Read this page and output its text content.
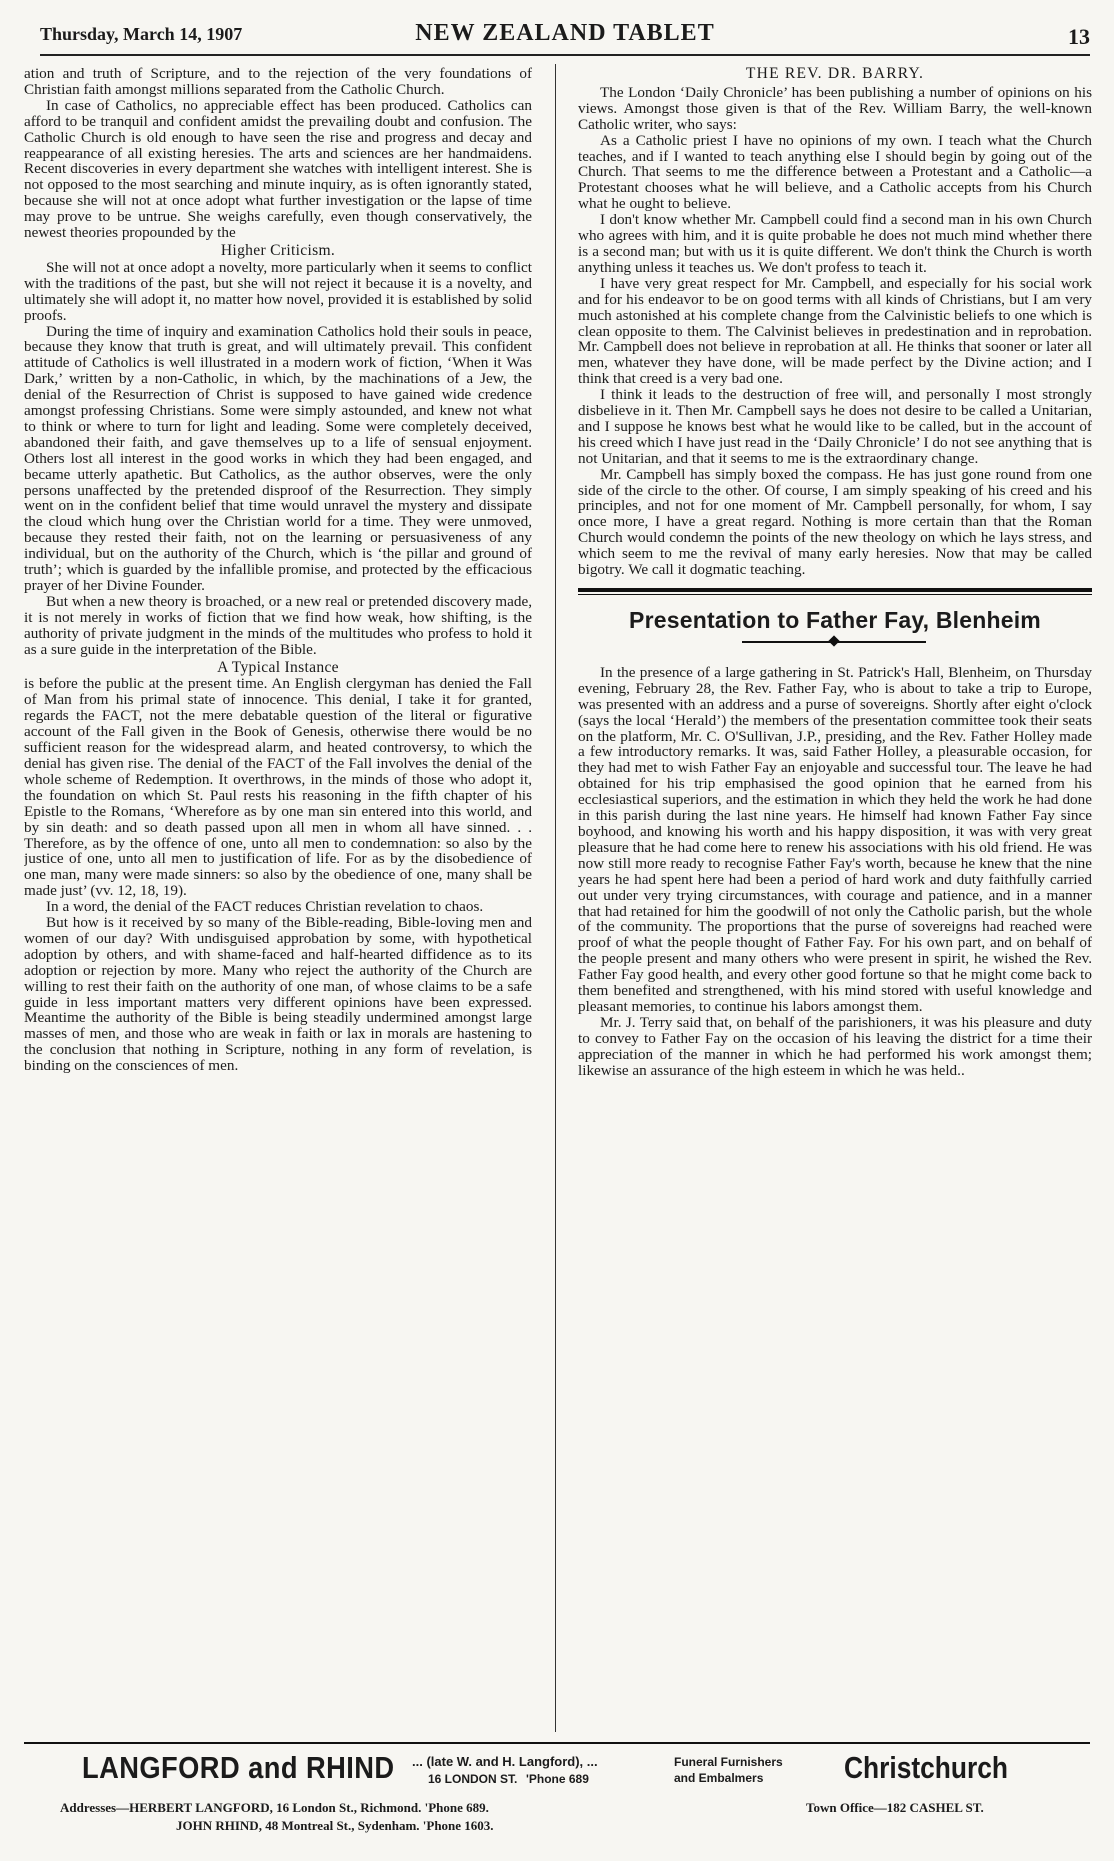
Thursday, March 14, 1907	NEW ZEALAND TABLET	13

ation and truth of Scripture, and to the rejection of the very foundations of Christian faith amongst millions separated from the Catholic Church.

In case of Catholics, no appreciable effect has been produced. Catholics can afford to be tranquil and confident amidst the prevailing doubt and confusion. The Catholic Church is old enough to have seen the rise and progress and decay and reappearance of all existing heresies. The arts and sciences are her handmaidens. Recent discoveries in every department she watches with intelligent interest. She is not opposed to the most searching and minute inquiry, as is often ignorantly stated, because she will not at once adopt what further investigation or the lapse of time may prove to be untrue. She weighs carefully, even though conservatively, the newest theories propounded by the

Higher Criticism.

She will not at once adopt a novelty, more particularly when it seems to conflict with the traditions of the past, but she will not reject it because it is a novelty, and ultimately she will adopt it, no matter how novel, provided it is established by solid proofs.

During the time of inquiry and examination Catholics hold their souls in peace, because they know that truth is great, and will ultimately prevail. This confident attitude of Catholics is well illustrated in a modern work of fiction, ‘When it Was Dark,’ written by a non-Catholic, in which, by the machinations of a Jew, the denial of the Resurrection of Christ is supposed to have gained wide credence amongst professing Christians. Some were simply astounded, and knew not what to think or where to turn for light and leading. Some were completely deceived, abandoned their faith, and gave themselves up to a life of sensual enjoyment. Others lost all interest in the good works in which they had been engaged, and became utterly apathetic. But Catholics, as the author observes, were the only persons unaffected by the pretended disproof of the Resurrection. They simply went on in the confident belief that time would unravel the mystery and dissipate the cloud which hung over the Christian world for a time. They were unmoved, because they rested their faith, not on the learning or persuasiveness of any individual, but on the authority of the Church, which is ‘the pillar and ground of truth’; which is guarded by the infallible promise, and protected by the efficacious prayer of her Divine Founder.

But when a new theory is broached, or a new real or pretended discovery made, it is not merely in works of fiction that we find how weak, how shifting, is the authority of private judgment in the minds of the multitudes who profess to hold it as a sure guide in the interpretation of the Bible.

A Typical Instance

is before the public at the present time. An English clergyman has denied the Fall of Man from his primal state of innocence. This denial, I take it for granted, regards the FACT, not the mere debatable question of the literal or figurative account of the Fall given in the Book of Genesis, otherwise there would be no sufficient reason for the widespread alarm, and heated controversy, to which the denial has given rise. The denial of the FACT of the Fall involves the denial of the whole scheme of Redemption. It overthrows, in the minds of those who adopt it, the foundation on which St. Paul rests his reasoning in the fifth chapter of his Epistle to the Romans, ‘Wherefore as by one man sin entered into this world, and by sin death: and so death passed upon all men in whom all have sinned. . . Therefore, as by the offence of one, unto all men to condemnation: so also by the justice of one, unto all men to justification of life. For as by the disobedience of one man, many were made sinners: so also by the obedience of one, many shall be made just’ (vv. 12, 18, 19).

In a word, the denial of the FACT reduces Christian revelation to chaos.

But how is it received by so many of the Bible-reading, Bible-loving men and women of our day? With undisguised approbation by some, with hypothetical adoption by others, and with shame-faced and half-hearted diffidence as to its adoption or rejection by more. Many who reject the authority of the Church are willing to rest their faith on the authority of one man, of whose claims to be a safe guide in less important matters very different opinions have been expressed. Meantime the authority of the Bible is being steadily undermined amongst large masses of men, and those who are weak in faith or lax in morals are hastening to the conclusion that nothing in Scripture, nothing in any form of revelation, is binding on the consciences of men.

THE REV. DR. BARRY.

The London ‘Daily Chronicle’ has been publishing a number of opinions on his views. Amongst those given is that of the Rev. William Barry, the well-known Catholic writer, who says:

As a Catholic priest I have no opinions of my own. I teach what the Church teaches, and if I wanted to teach anything else I should begin by going out of the Church. That seems to me the difference between a Protestant and a Catholic—a Protestant chooses what he will believe, and a Catholic accepts from his Church what he ought to believe.

I don't know whether Mr. Campbell could find a second man in his own Church who agrees with him, and it is quite probable he does not much mind whether there is a second man; but with us it is quite different. We don't think the Church is worth anything unless it teaches us. We don't profess to teach it.

I have very great respect for Mr. Campbell, and especially for his social work and for his endeavor to be on good terms with all kinds of Christians, but I am very much astonished at his complete change from the Calvinistic beliefs to one which is clean opposite to them. The Calvinist believes in predestination and in reprobation. Mr. Campbell does not believe in reprobation at all. He thinks that sooner or later all men, whatever they have done, will be made perfect by the Divine action; and I think that creed is a very bad one.

I think it leads to the destruction of free will, and personally I most strongly disbelieve in it. Then Mr. Campbell says he does not desire to be called a Unitarian, and I suppose he knows best what he would like to be called, but in the account of his creed which I have just read in the ‘Daily Chronicle’ I do not see anything that is not Unitarian, and that it seems to me is the extraordinary change.

Mr. Campbell has simply boxed the compass. He has just gone round from one side of the circle to the other. Of course, I am simply speaking of his creed and his principles, and not for one moment of Mr. Campbell personally, for whom, I say once more, I have a great regard. Nothing is more certain than that the Roman Church would condemn the points of the new theology on which he lays stress, and which seem to me the revival of many early heresies. Now that may be called bigotry. We call it dogmatic teaching.

Presentation to Father Fay, Blenheim

In the presence of a large gathering in St. Patrick's Hall, Blenheim, on Thursday evening, February 28, the Rev. Father Fay, who is about to take a trip to Europe, was presented with an address and a purse of sovereigns. Shortly after eight o'clock (says the local ‘Herald’) the members of the presentation committee took their seats on the platform, Mr. C. O'Sullivan, J.P., presiding, and the Rev. Father Holley made a few introductory remarks. It was, said Father Holley, a pleasurable occasion, for they had met to wish Father Fay an enjoyable and successful tour. The leave he had obtained for his trip emphasised the good opinion that he earned from his ecclesiastical superiors, and the estimation in which they held the work he had done in this parish during the last nine years. He himself had known Father Fay since boyhood, and knowing his worth and his happy disposition, it was with very great pleasure that he had come here to renew his associations with his old friend. He was now still more ready to recognise Father Fay's worth, because he knew that the nine years he had spent here had been a period of hard work and duty faithfully carried out under very trying circumstances, with courage and patience, and in a manner that had retained for him the goodwill of not only the Catholic parish, but the whole of the community. The proportions that the purse of sovereigns had reached were proof of what the people thought of Father Fay. For his own part, and on behalf of the people present and many others who were present in spirit, he wished the Rev. Father Fay good health, and every other good fortune so that he might come back to them benefited and strengthened, with his mind stored with useful knowledge and pleasant memories, to continue his labors amongst them.

Mr. J. Terry said that, on behalf of the parishioners, it was his pleasure and duty to convey to Father Fay on the occasion of his leaving the district for a time their appreciation of the manner in which he had performed his work amongst them; likewise an assurance of the high esteem in which he was held..

LANGFORD and RHIND ... (late W. and H. Langford), ...
16 LONDON ST. 'Phone 689
Funeral Furnishers
and Embalmers	Christchurch
Addresses—HERBERT LANGFORD, 16 London St., Richmond. 'Phone 689.	Town Office—182 CASHEL ST.
JOHN RHIND, 48 Montreal St., Sydenham. 'Phone 1603.
